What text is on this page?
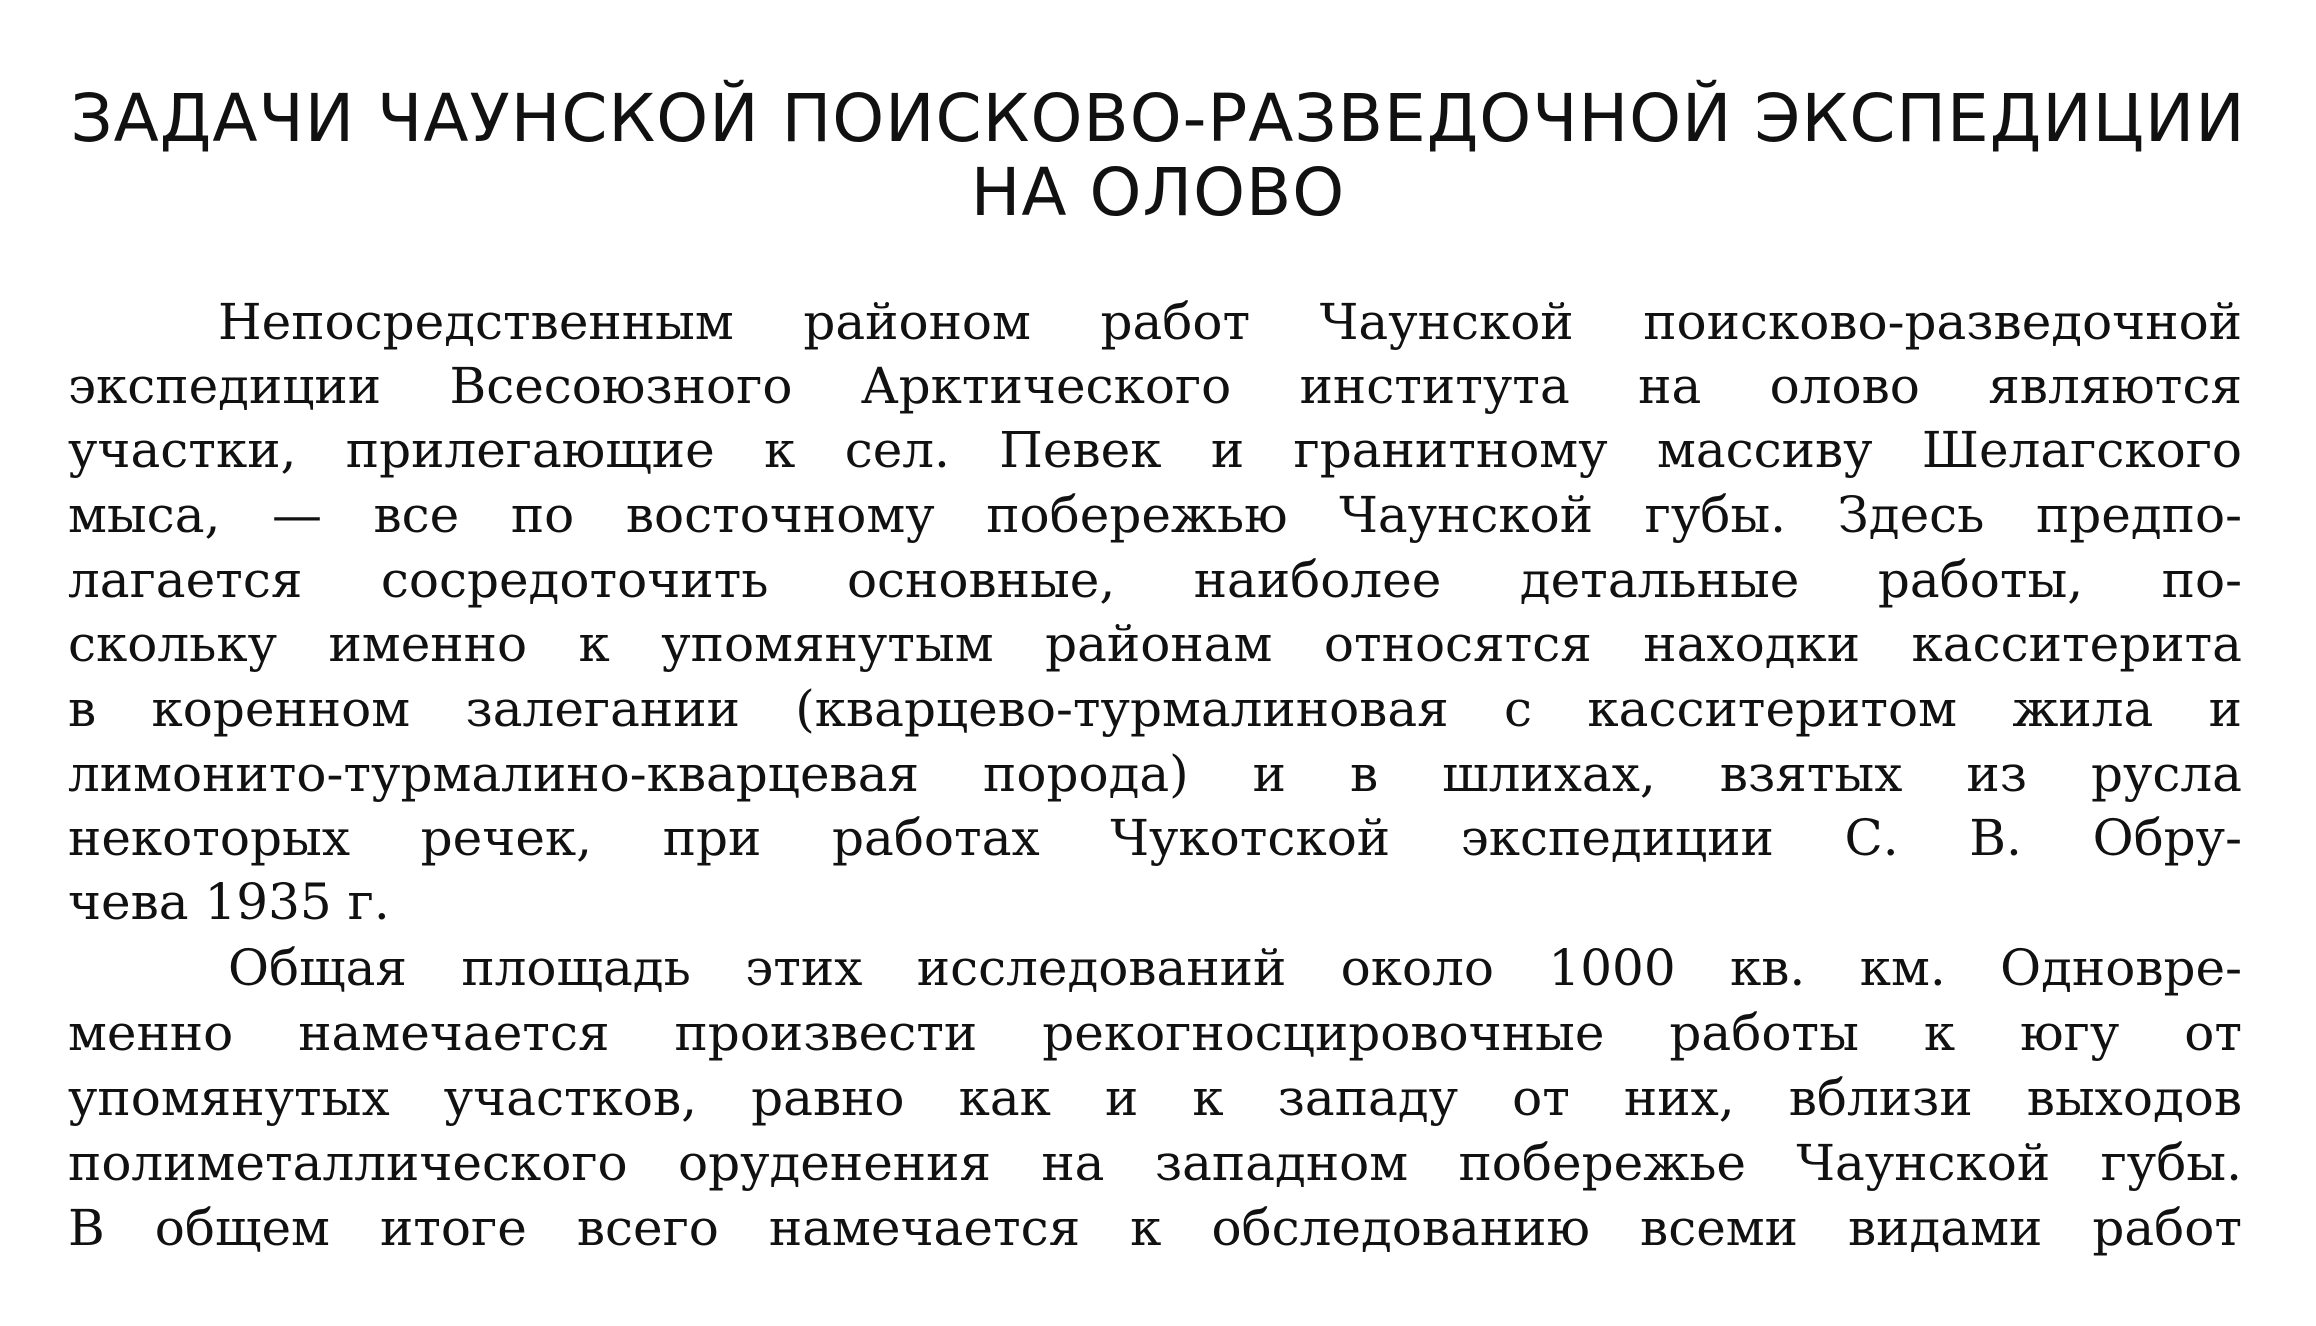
ЗАДАЧИ ЧАУНСКОЙ ПОИСКОВО-РАЗВЕДОЧНОЙ ЭКСПЕДИЦИИ
НА ОЛОВО
Непосредственным районом работ Чаунской поисково-разведочной
экспедиции Всесоюзного Арктического института на олово являются
участки, прилегающие к сел. Певек и гранитному массиву Шелагского
мыса, — все по восточному побережью Чаунской губы. Здесь предпо-
лагается сосредоточить основные, наиболее детальные работы, по-
скольку именно к упомянутым районам относятся находки касситерита
в коренном залегании (кварцево-турмалиновая с касситеритом жила и
лимонито-турмалино-кварцевая порода) и в шлихах, взятых из русла
некоторых речек, при работах Чукотской экспедиции С. В. Обру-
чева 1935 г.
Общая площадь этих исследований около 1000 кв. км. Одновре-
менно намечается произвести рекогносцировочные работы к югу от
упомянутых участков, равно как и к западу от них, вблизи выходов
полиметаллического оруденения на западном побережье Чаунской губы.
В общем итоге всего намечается к обследованию всеми видами работ
